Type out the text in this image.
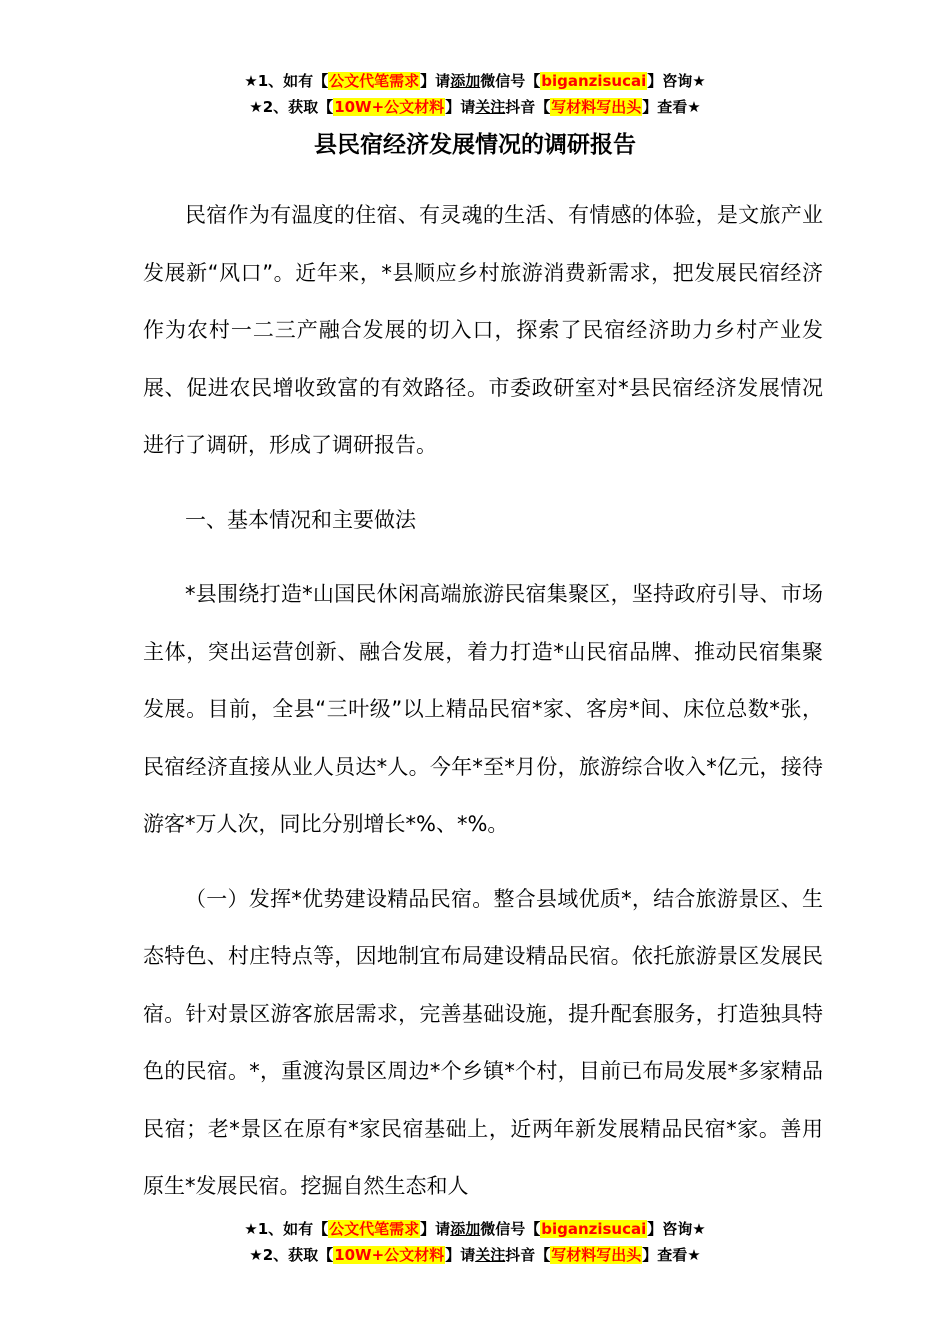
★1、如有【公文代笔需求】请添加微信号【biganzisucai】咨询★
★2、获取【10W+公文材料】请关注抖音【写材料写出头】查看★
县民宿经济发展情况的调研报告

民宿作为有温度的住宿、有灵魂的生活、有情感的体验，是文旅产业发展新“风口”。近年来，*县顺应乡村旅游消费新需求，把发展民宿经济作为农村一二三产融合发展的切入口，探索了民宿经济助力乡村产业发展、促进农民增收致富的有效路径。市委政研室对*县民宿经济发展情况进行了调研，形成了调研报告。

一、基本情况和主要做法

*县围绕打造*山国民休闲高端旅游民宿集聚区，坚持政府引导、市场主体，突出运营创新、融合发展，着力打造*山民宿品牌、推动民宿集聚发展。目前，全县“三叶级”以上精品民宿*家、客房*间、床位总数*张，民宿经济直接从业人员达*人。今年*至*月份，旅游综合收入*亿元，接待游客*万人次，同比分别增长*%、*%。

（一）发挥*优势建设精品民宿。整合县域优质*，结合旅游景区、生态特色、村庄特点等，因地制宜布局建设精品民宿。依托旅游景区发展民宿。针对景区游客旅居需求，完善基础设施，提升配套服务，打造独具特色的民宿。*，重渡沟景区周边*个乡镇*个村，目前已布局发展*多家精品民宿；老*景区在原有*家民宿基础上，近两年新发展精品民宿*家。善用原生*发展民宿。挖掘自然生态和人

★1、如有【公文代笔需求】请添加微信号【biganzisucai】咨询★
★2、获取【10W+公文材料】请关注抖音【写材料写出头】查看★
